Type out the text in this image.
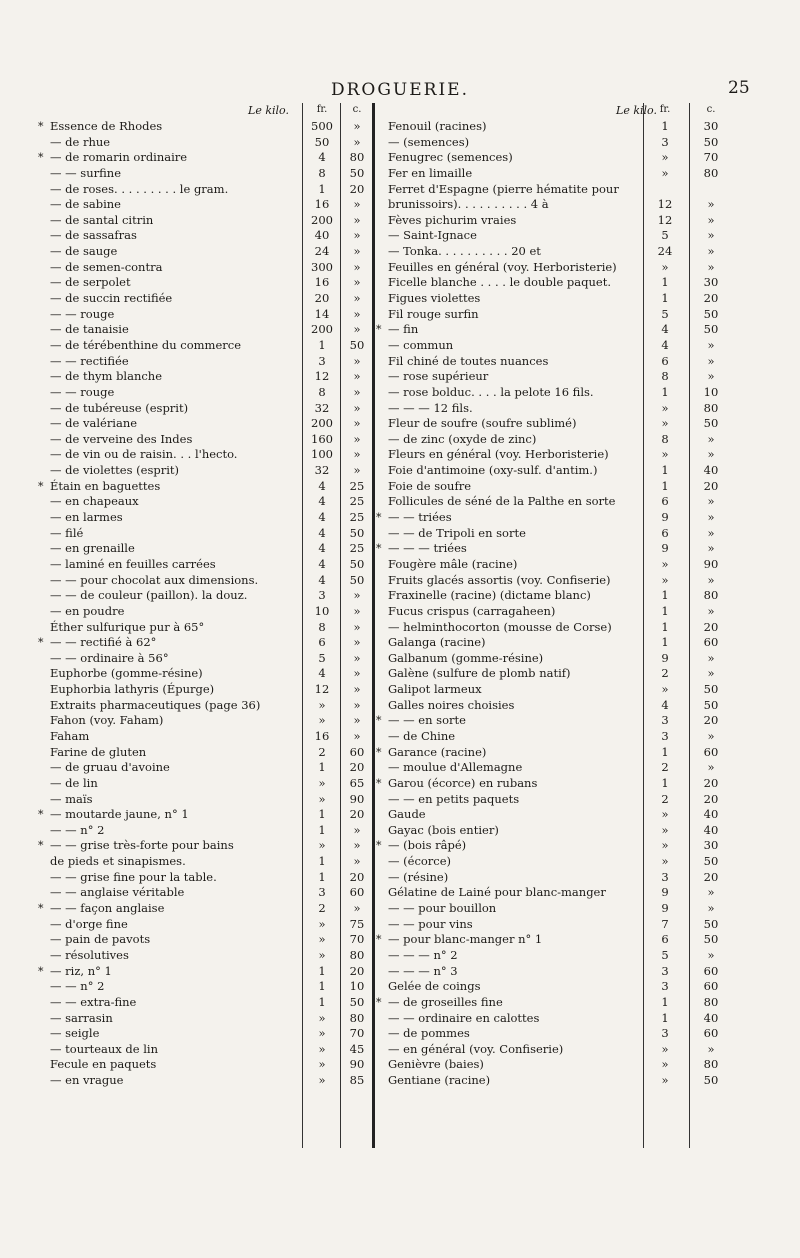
DROGUERIE.	25
Le kilo.	fr.	c.
* Essence de Rhodes	500	»
— de rhue	50	»
* — de romarin ordinaire	4	80
— — surfine	8	50
— de roses. . . . . . . . . le gram.	1	20
— de sabine	16	»
— de santal citrin	200	»
— de sassafras	40	»
— de sauge	24	»
— de semen-contra	300	»
— de serpolet	16	»
— de succin rectifiée	20	»
— — rouge	14	»
— de tanaisie	200	»
— de térébenthine du commerce	1	50
— — rectifiée	3	»
— de thym blanche	12	»
— — rouge	8	»
— de tubéreuse (esprit)	32	»
— de valériane	200	»
— de verveine des Indes	160	»
— de vin ou de raisin. . . l'hecto.	100	»
— de violettes (esprit)	32	»
* Étain en baguettes	4	25
— en chapeaux	4	25
— en larmes	4	25
— filé	4	50
— en grenaille	4	25
— laminé en feuilles carrées	4	50
— — pour chocolat aux dimensions.	4	50
— — de couleur (paillon). la douz.	3	»
— en poudre	10	»
Éther sulfurique pur à 65°	8	»
* — — rectifié à 62°	6	»
— — ordinaire à 56°	5	»
Euphorbe (gomme-résine)	4	»
Euphorbia lathyris (Épurge)	12	»
Extraits pharmaceutiques (page 36)	»	»
Fahon (voy. Faham)	»	»
Faham	16	»
Farine de gluten	2	60
— de gruau d'avoine	1	20
— de lin	»	65
— maïs	»	90
* — moutarde jaune, n° 1	1	20
— — n° 2	1	»
* — — grise très-forte pour bains	»	»
de pieds et sinapismes.	1	»
— — grise fine pour la table.	1	20
— — anglaise véritable	3	60
* — — façon anglaise	2	»
— d'orge fine	»	75
— pain de pavots	»	70
— résolutives	»	80
* — riz, n° 1	1	20
— — n° 2	1	10
— — extra-fine	1	50
— sarrasin	»	80
— seigle	»	70
— tourteaux de lin	»	45
Fecule en paquets	»	90
— en vrague	»	85
Le kilo. fr.	c.
Fenouil (racines)	1	30
— (semences)	3	50
Fenugrec (semences)	»	70
Fer en limaille	»	80
Ferret d'Espagne (pierre hématite pour
brunissoirs). . . . . . . . . . 4 à	12	»
Fèves pichurim vraies	12	»
— Saint-Ignace	5	»
— Tonka. . . . . . . . . . 20 et	24	»
Feuilles en général (voy. Herboristerie)	»	»
Ficelle blanche . . . . le double paquet.	1	30
Figues violettes	1	20
Fil rouge surfin	5	50
* — fin	4	50
— commun	4	»
Fil chiné de toutes nuances	6	»
— rose supérieur	8	»
— rose bolduc. . . . la pelote 16 fils.	1	10
— — — 12 fils.	»	80
Fleur de soufre (soufre sublimé)	»	50
— de zinc (oxyde de zinc)	8	»
Fleurs en général (voy. Herboristerie)	»	»
Foie d'antimoine (oxy-sulf. d'antim.)	1	40
Foie de soufre	1	20
Follicules de séné de la Palthe en sorte	6	»
* — — triées	9	»
— — de Tripoli en sorte	6	»
* — — — triées	9	»
Fougère mâle (racine)	»	90
Fruits glacés assortis (voy. Confiserie)	»	»
Fraxinelle (racine) (dictame blanc)	1	80
Fucus crispus (carragaheen)	1	»
— helminthocorton (mousse de Corse)	1	20
Galanga (racine)	1	60
Galbanum (gomme-résine)	9	»
Galène (sulfure de plomb natif)	2	»
Galipot larmeux	»	50
Galles noires choisies	4	50
* — — en sorte	3	20
— de Chine	3	»
* Garance (racine)	1	60
— moulue d'Allemagne	2	»
* Garou (écorce) en rubans	1	20
— — en petits paquets	2	20
Gaude	»	40
Gayac (bois entier)	»	40
* — (bois râpé)	»	30
— (écorce)	»	50
— (résine)	3	20
Gélatine de Lainé pour blanc-manger	9	»
— — pour bouillon	9	»
— — pour vins	7	50
* — pour blanc-manger n° 1	6	50
— — — n° 2	5	»
— — — n° 3	3	60
Gelée de coings	3	60
* — de groseilles fine	1	80
— — ordinaire en calottes	1	40
— de pommes	3	60
— en général (voy. Confiserie)	»	»
Genièvre (baies)	»	80
Gentiane (racine)	»	50
